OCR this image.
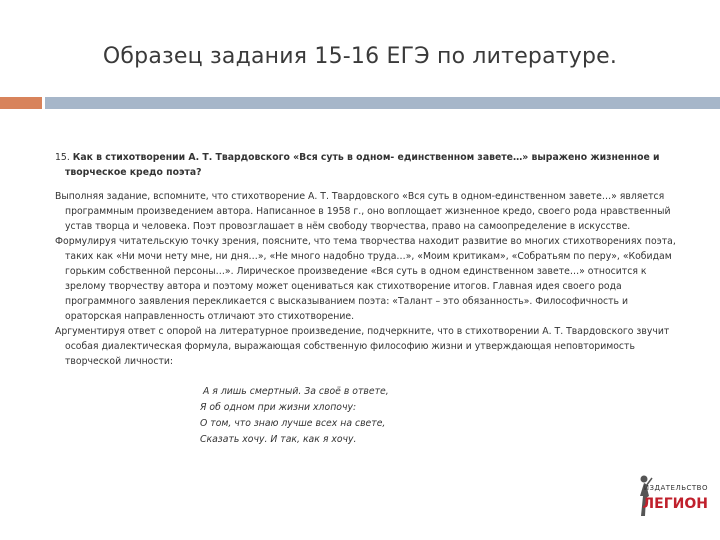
Образец задания 15-16 ЕГЭ по литературе.

15. Как в стихотворении А. Т. Твардовского «Вся суть в одном- единственном завете…» выражено жизненное и творческое кредо поэта?

Выполняя задание, вспомните, что стихотворение А. Т. Твардовского «Вся суть в одном-единственном завете…» является программным произведением автора. Написанное в 1958 г., оно воплощает жизненное кредо, своего рода нравственный устав творца и человека. Поэт провозглашает в нём свободу творчества, право на самоопределение в искусстве.

Формулируя читательскую точку зрения, поясните, что тема творчества находит развитие во многих стихотворениях поэта, таких как «Ни мочи нету мне, ни дня…», «Не много надобно труда…», «Моим критикам», «Собратьям по перу», «Кобидам горьким собственной персоны…». Лирическое произведение «Вся суть в одном единственном завете…» относится к зрелому творчеству автора и поэтому может оцениваться как стихотворение итогов. Главная идея своего рода программного заявления перекликается с высказыванием поэта: «Талант – это обязанность». Философичность и ораторская направленность отличают это стихотворение.

Аргументируя ответ с опорой на литературное произведение, подчеркните, что в стихотворении А. Т. Твардовского звучит особая диалектическая формула, выражающая собственную философию жизни и утверждающая неповторимость творческой личности:

А я лишь смертный. За своё в ответе,
Я об одном при жизни хлопочу:
О том, что знаю лучше всех на свете,
Сказать хочу. И так, как я хочу.
ИЗДАТЕЛЬСТВО
ЛЕГИОН
